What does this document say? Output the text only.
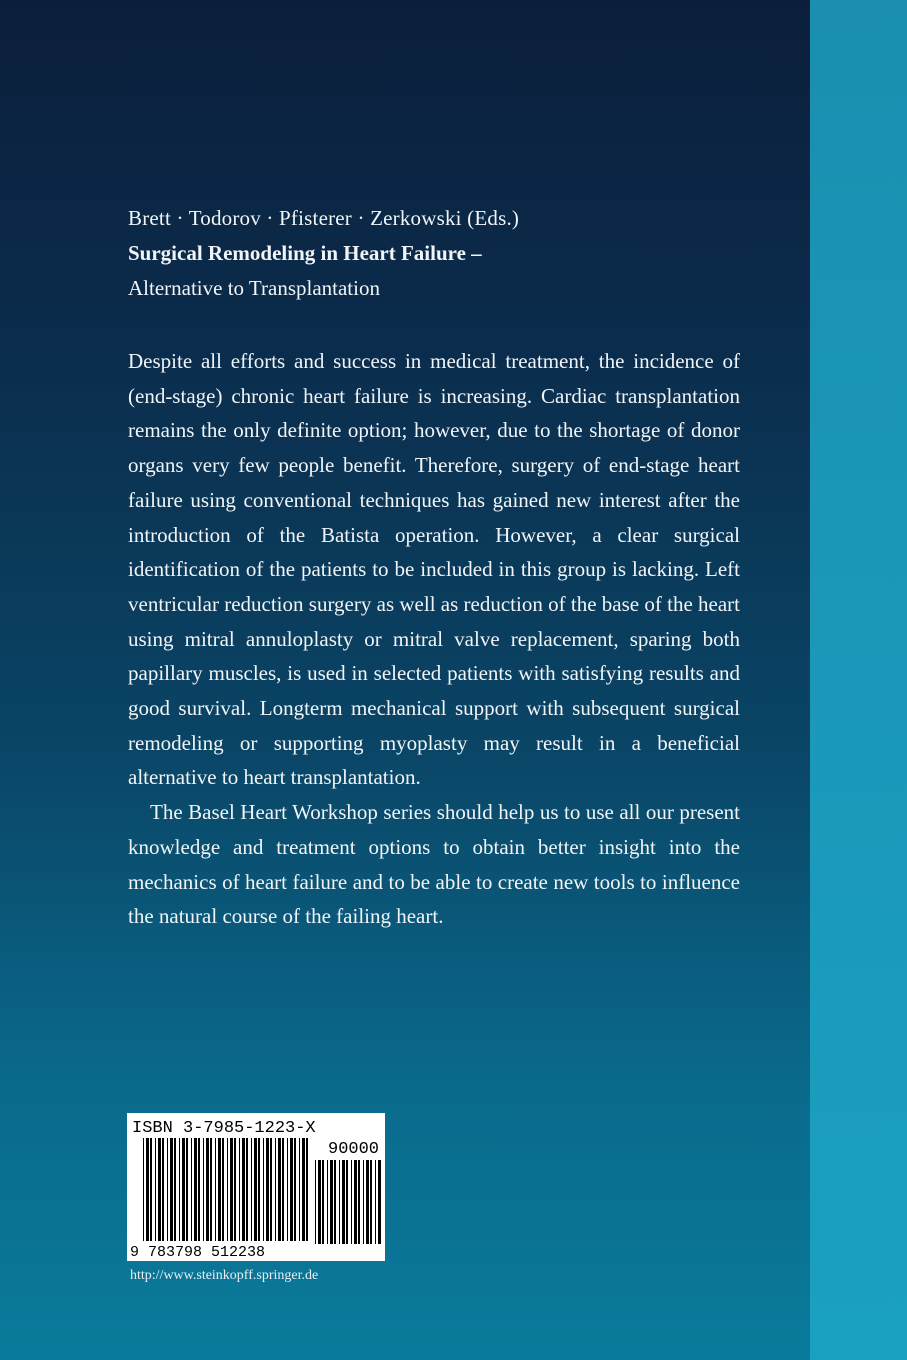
Brett · Todorov · Pfisterer · Zerkowski (Eds.)
Surgical Remodeling in Heart Failure –
Alternative to Transplantation

Despite all efforts and success in medical treatment, the incidence of (end-stage) chronic heart failure is increasing. Cardiac transplantation remains the only definite option; however, due to the shortage of donor organs very few people benefit. Therefore, surgery of end-stage heart failure using conventional techniques has gained new interest after the introduction of the Batista operation. However, a clear surgical identification of the patients to be included in this group is lacking. Left ventricular reduction surgery as well as reduction of the base of the heart using mitral annuloplasty or mitral valve replacement, sparing both papillary muscles, is used in selected patients with satisfying results and good survival. Longterm mechanical support with subsequent surgical remodeling or supporting myoplasty may result in a beneficial alternative to heart transplantation.

The Basel Heart Workshop series should help us to use all our present knowledge and treatment options to obtain better insight into the mechanics of heart failure and to be able to create new tools to influence the natural course of the failing heart.

ISBN 3-7985-1223-X
9 783798 512238
90000
http://www.steinkopff.springer.de
